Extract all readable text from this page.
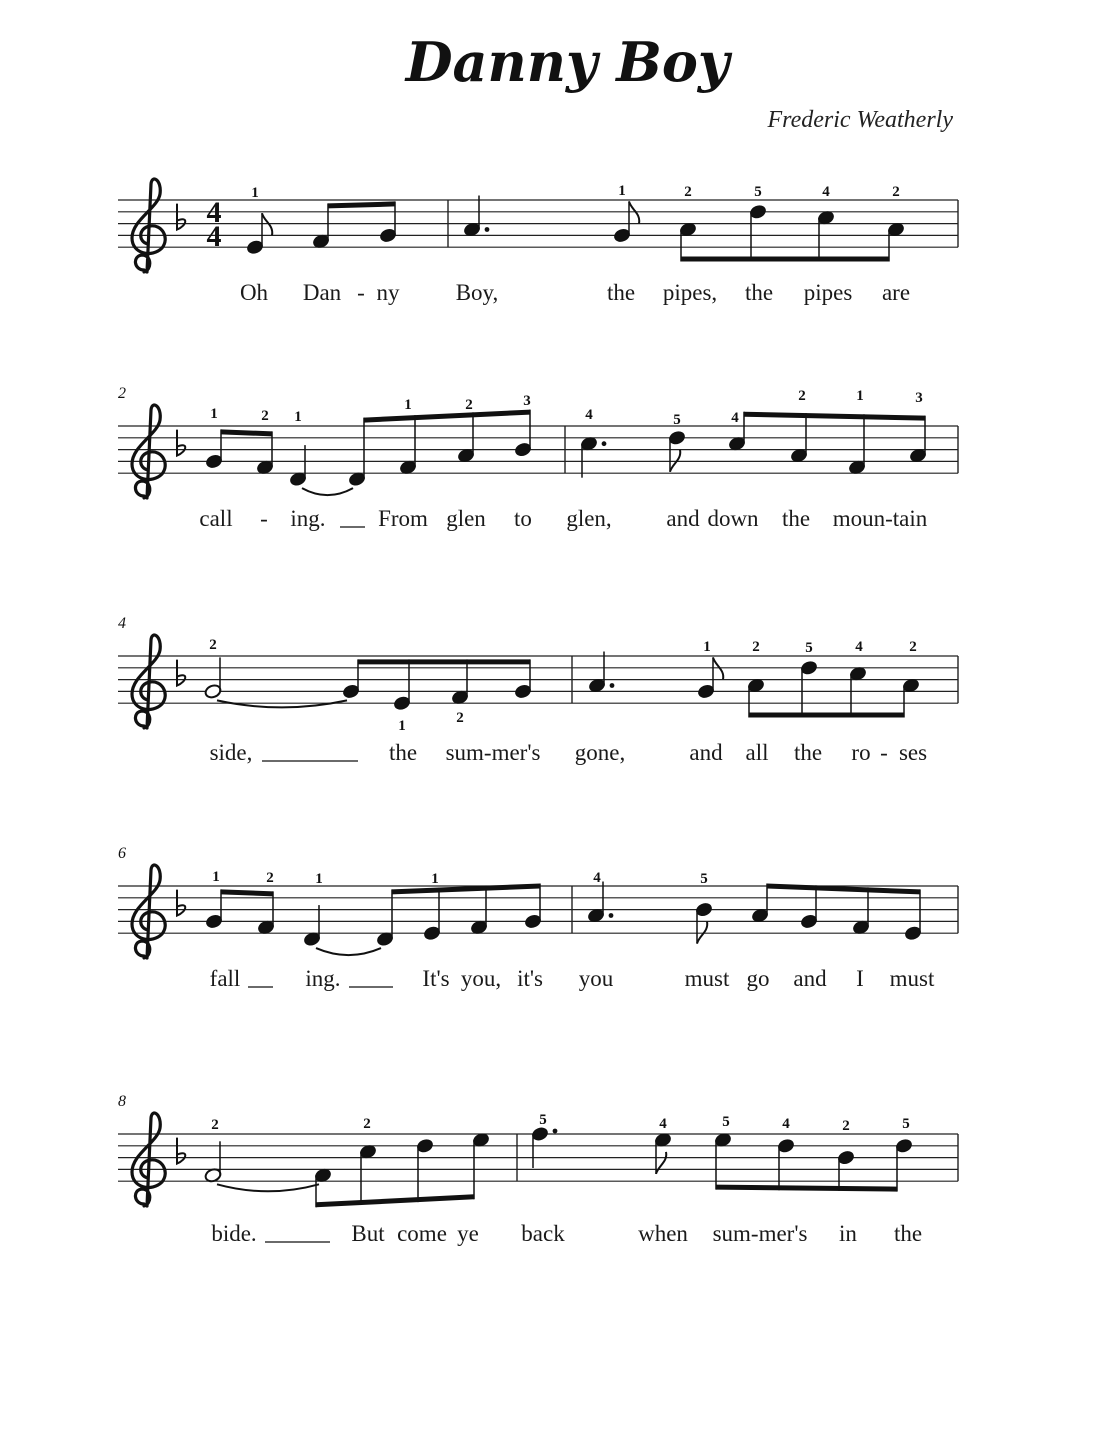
Danny Boy
Frederic Weatherly
4
4
1	1	2	5	4	2
Oh Dan - ny Boy,	the pipes, the pipes are
2
1	2 1
1	2	3
4	5	4
2	1	3
call - ing. From glen to glen, and down the moun-tain
4
2
1	2
1	2	5	4	2
side,	the sum-mer's gone,	and all the ro - ses
6
1	2	1	1	4	5
fall	ing.	It's you, it's you	must go and I must
8
2	2	5	4	5	4	2	5
bide.	But come ye back	when sum-mer's in the
